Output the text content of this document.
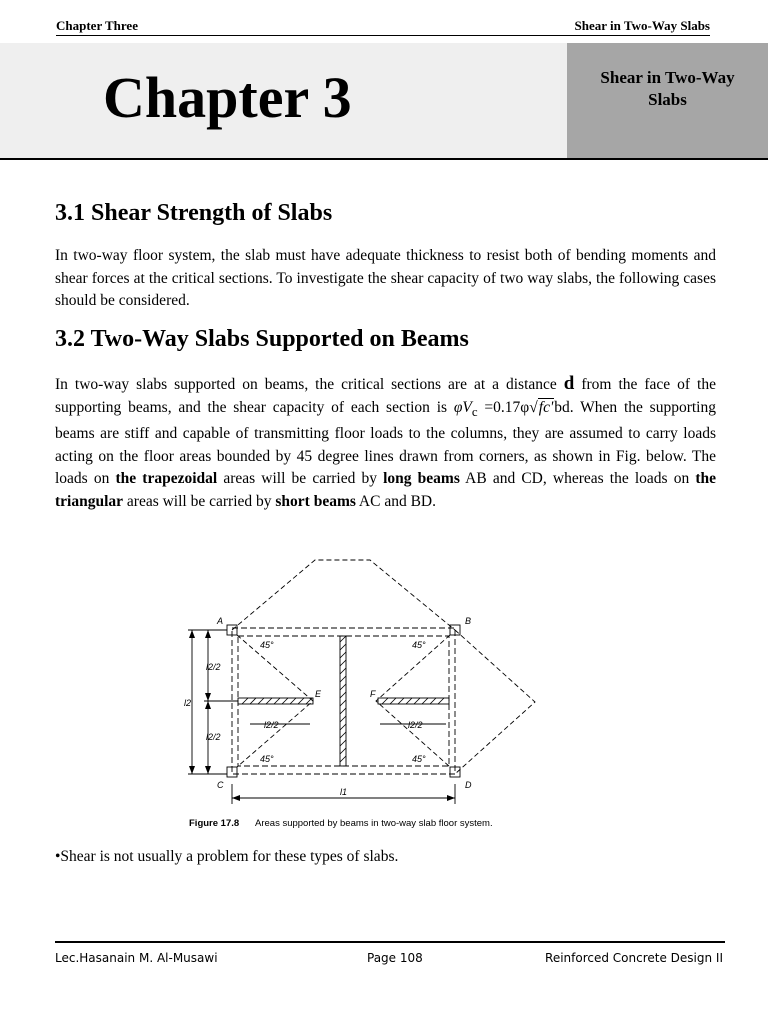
Chapter Three	Shear in Two-Way Slabs
Chapter 3	Shear in Two-Way Slabs
3.1 Shear Strength of Slabs

In two-way floor system, the slab must have adequate thickness to resist both of bending moments and shear forces at the critical sections. To investigate the shear capacity of two way slabs, the following cases should be considered.

3.2 Two-Way Slabs Supported on Beams

In two-way slabs supported on beams, the critical sections are at a distance d from the face of the supporting beams, and the shear capacity of each section is $\varphi V_c =0.17\varphi√fc'bd$. When the supporting beams are stiff and capable of transmitting floor loads to the columns, they are assumed to carry loads acting on the floor areas bounded by 45 degree lines drawn from corners, as shown in Fig. below. The loads on the trapezoidal areas will be carried by long beams AB and CD, whereas the loads on the triangular areas will be carried by short beams AC and BD.

A	B
C	D
E	F
45°	45°
45°	45°
l2/2
l2/2
l2
l2/2	l2/2
l1
Figure 17.8 Areas supported by beams in two-way slab floor system.
•Shear is not usually a problem for these types of slabs.
Lec.Hasanain M. Al-Musawi	Page 108	Reinforced Concrete Design II
